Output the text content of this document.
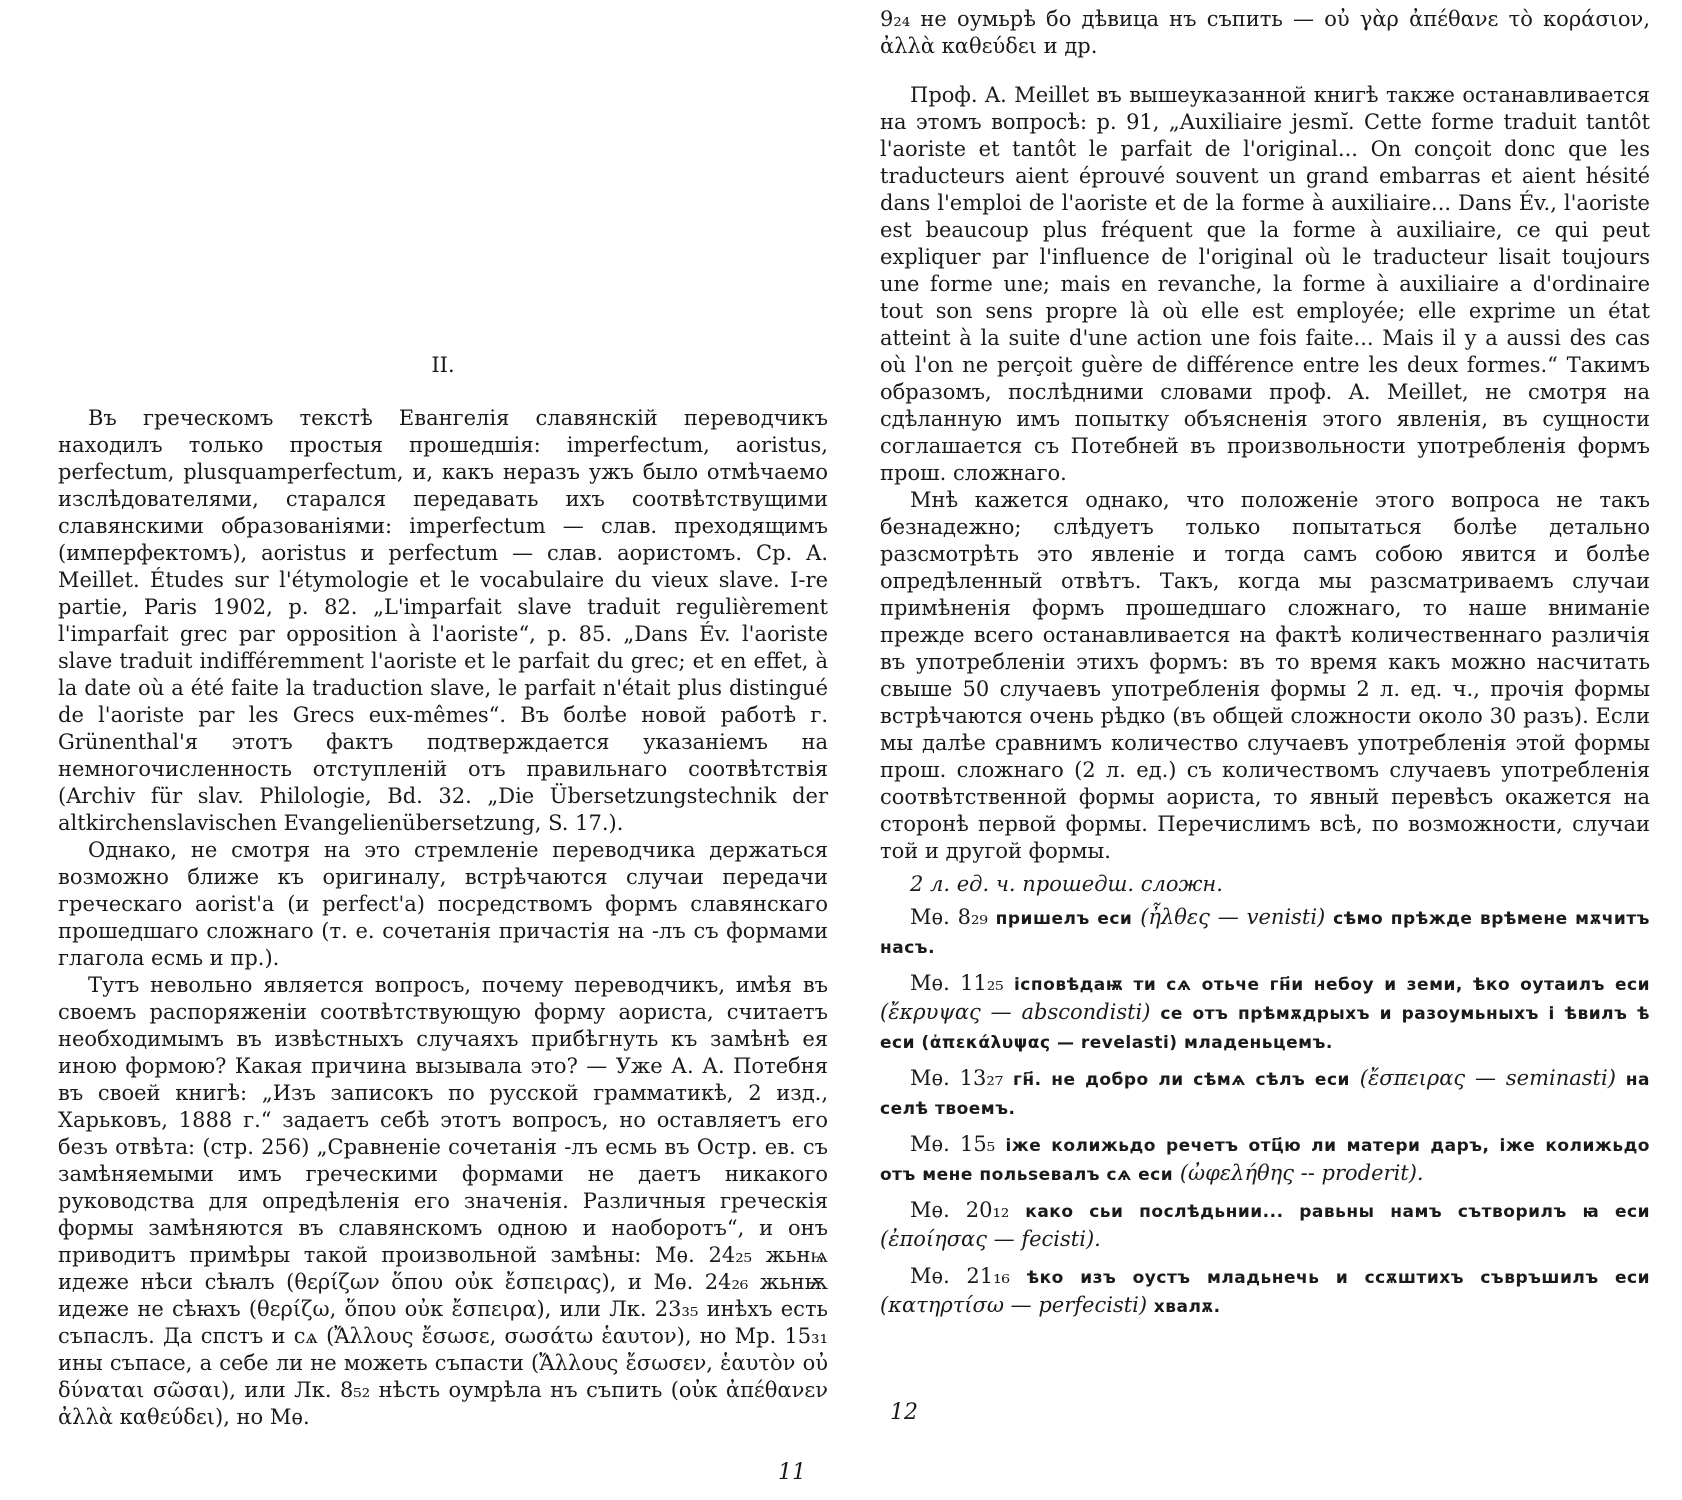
II.

Въ греческомъ текстѣ Евангелія славянскій переводчикъ находилъ только простыя прошедшія: imperfectum, aoristus, perfectum, plusquamperfectum, и, какъ неразъ ужъ было отмѣчаемо изслѣдователями, старался передавать ихъ соотвѣтствущими славянскими образованіями: imperfectum — слав. преходящимъ (имперфектомъ), aoristus и perfectum — слав. аористомъ. Ср. A. Meillet. Études sur l'étymologie et le vocabulaire du vieux slave. I-re partie, Paris 1902, p. 82. „L'imparfait slave traduit regulièrement l'imparfait grec par opposition à l'aoriste“, p. 85. „Dans Év. l'aoriste slave traduit indifféremment l'aoriste et le parfait du grec; et en effet, à la date où a été faite la traduction slave, le parfait n'était plus distingué de l'aoriste par les Grecs eux-mêmes“. Въ болѣе новой работѣ г. Grünenthal'я этотъ фактъ подтверждается указаніемъ на немногочисленность отступленій отъ правильнаго соотвѣтствія (Archiv für slav. Philologie, Bd. 32. „Die Übersetzungstechnik der altkirchenslavischen Evangelienübersetzung, S. 17.).

Однако, не смотря на это стремленіе переводчика держаться возможно ближе къ оригиналу, встрѣчаются случаи передачи греческаго aorist'a (и perfect'a) посредствомъ формъ славянскаго прошедшаго сложнаго (т. е. сочетанія причастія на -лъ съ формами глагола есмь и пр.).

Тутъ невольно является вопросъ, почему переводчикъ, имѣя въ своемъ распоряженіи соотвѣтствующую форму аориста, считаетъ необходимымъ въ извѣстныхъ случаяхъ прибѣгнуть къ замѣнѣ ея иною формою? Какая причина вызывала это? — Уже А. А. Потебня въ своей книгѣ: „Изъ записокъ по русской грамматикѣ, 2 изд., Харьковъ, 1888 г.“ задаетъ себѣ этотъ вопросъ, но оставляетъ его безъ отвѣта: (стр. 256) „Сравненіе сочетанія -лъ есмь въ Остр. ев. съ замѣняемыми имъ греческими формами не даетъ никакого руководства для опредѣленія его значенія. Различныя греческія формы замѣняются въ славянскомъ одною и наоборотъ“, и онъ приводитъ примѣры такой произвольной замѣны: Мѳ. 24₂₅ жьнѩ идеже нѣси сѣꙗлъ (θερίζων ὅπου οὐκ ἔσπειρας), и Мѳ. 24₂₆ жьнѭ идеже не сѣꙗхъ (θερίζω, ὅπου οὐκ ἔσπειρα), или Лк. 23₃₅ инѣхъ есть съпаслъ. Да спстъ и сѧ (Ἄλλους ἔσωσε, σωσάτω ἑαυτον), но Мр. 15₃₁ ины съпасе, а себе ли не можеть съпасти (Ἄλλους ἔσωσεν, ἑαυτὸν οὐ δύναται σῶσαι), или Лк. 8₅₂ нѣсть оумрѣла нъ съпить (οὐκ ἀπέθανεν ἀλλὰ καθεύδει), но Мѳ.

11

9₂₄ не оумьрѣ бо дѣвица нъ съпить — οὐ γὰρ ἀπέθανε τὸ κοράσιον, ἀλλὰ καθεύδει и др.

Проф. A. Meillet въ вышеуказанной книгѣ также останавливается на этомъ вопросѣ: p. 91, „Auxiliaire jesmĭ. Cette forme traduit tantôt l'aoriste et tantôt le parfait de l'original... On conçoit donc que les traducteurs aient éprouvé souvent un grand embarras et aient hésité dans l'emploi de l'aoriste et de la forme à auxiliaire... Dans Év., l'aoriste est beaucoup plus fréquent que la forme à auxiliaire, ce qui peut expliquer par l'influence de l'original où le traducteur lisait toujours une forme une; mais en revanche, la forme à auxiliaire a d'ordinaire tout son sens propre là où elle est employée; elle exprime un état atteint à la suite d'une action une fois faite... Mais il y a aussi des cas où l'on ne perçoit guère de différence entre les deux formes.“ Такимъ образомъ, послѣдними словами проф. A. Meillet, не смотря на сдѣланную имъ попытку объясненія этого явленія, въ сущности соглашается съ Потебней въ произвольности употребленія формъ прош. сложнаго.

Мнѣ кажется однако, что положеніе этого вопроса не такъ безнадежно; слѣдуетъ только попытаться болѣе детально разсмотрѣть это явленіе и тогда самъ собою явится и болѣе опредѣленный отвѣтъ. Такъ, когда мы разсматриваемъ случаи примѣненія формъ прошедшаго сложнаго, то наше вниманіе прежде всего останавливается на фактѣ количественнаго различія въ употребленіи этихъ формъ: въ то время какъ можно насчитать свыше 50 случаевъ употребленія формы 2 л. ед. ч., прочія формы встрѣчаются очень рѣдко (въ общей сложности около 30 разъ). Если мы далѣе сравнимъ количество случаевъ употребленія этой формы прош. сложнаго (2 л. ед.) съ количествомъ случаевъ употребленія соотвѣтственной формы аориста, то явный перевѣсъ окажется на сторонѣ первой формы. Перечислимъ всѣ, по возможности, случаи той и другой формы.

2 л. ед. ч. прошедш. сложн.

Мѳ. 8₂₉ пришелъ еси (ἦλθες — venisti) сѣмо прѣжде врѣмене мѫчитъ насъ.

Мѳ. 11₂₅ ісповѣдаѭ ти сѧ отьче гн҃и небоу и земи, ѣко оутаилъ еси (ἔκρυψας — abscondisti) се отъ прѣмѫдрыхъ и разоумьныхъ і ѣвилъ ѣ еси (ἀπεκάλυψας — revelasti) младеньцемъ.

Мѳ. 13₂₇ гн҃. не добро ли сѣмѧ сѣлъ еси (ἔσπειρας — seminasti) на селѣ твоемъ.

Мѳ. 15₅ іже колижьдо речетъ отц҃ю ли матери даръ, іже колижьдо отъ мене польѕевалъ сѧ еси (ὠφελήθης -- proderit).

Мѳ. 20₁₂ како сьи послѣдьнии... равьны намъ сътворилъ ꙗ еси (ἐποίησας — fecisti).

Мѳ. 21₁₆ ѣко изъ оустъ младьнечь и ссѫштихъ съвръшилъ еси (κατηρτίσω — perfecisti) хвалѫ.

12
